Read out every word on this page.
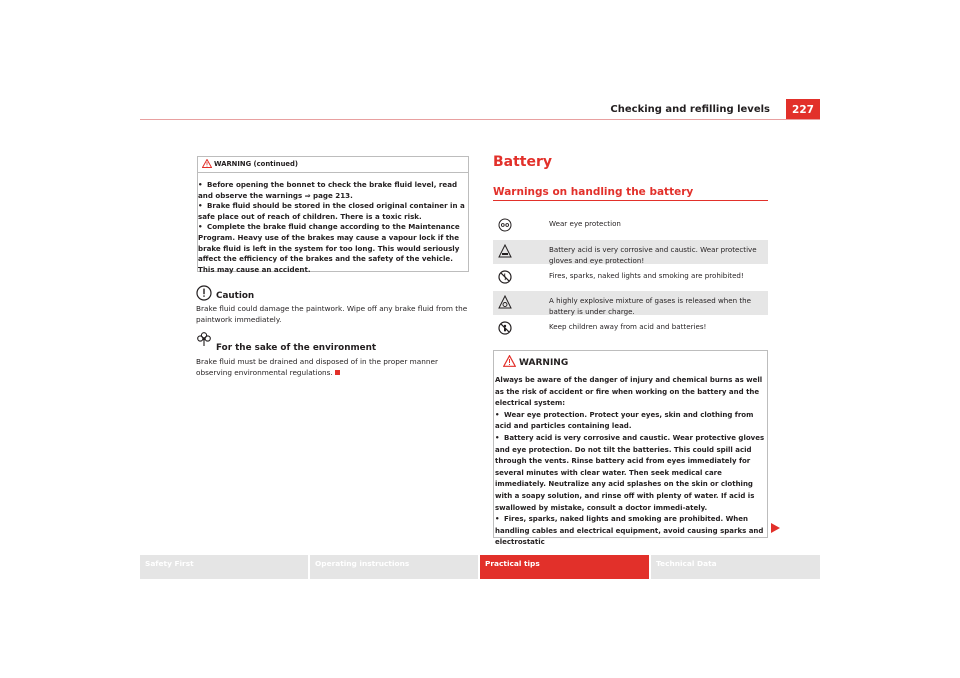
Checking and refilling levels	227
WARNING (continued)

• Before opening the bonnet to check the brake fluid level, read and observe the warnings ⇒ page 213.

• Brake fluid should be stored in the closed original container in a safe place out of reach of children. There is a toxic risk.

• Complete the brake fluid change according to the Maintenance Program. Heavy use of the brakes may cause a vapour lock if the brake fluid is left in the system for too long. This would seriously affect the efficiency of the brakes and the safety of the vehicle. This may cause an accident.

Caution
Brake fluid could damage the paintwork. Wipe off any brake fluid from the paintwork immediately.
For the sake of the environment
Brake fluid must be drained and disposed of in the proper manner observing environmental regulations.
Battery
Warnings on handling the battery
Wear eye protection
Battery acid is very corrosive and caustic. Wear protective gloves and eye protection!
Fires, sparks, naked lights and smoking are prohibited!
A highly explosive mixture of gases is released when the battery is under charge.
Keep children away from acid and batteries!
WARNING

Always be aware of the danger of injury and chemical burns as well as the risk of accident or fire when working on the battery and the electrical system:

• Wear eye protection. Protect your eyes, skin and clothing from acid and particles containing lead.

• Battery acid is very corrosive and caustic. Wear protective gloves and eye protection. Do not tilt the batteries. This could spill acid through the vents. Rinse battery acid from eyes immediately for several minutes with clear water. Then seek medical care immediately. Neutralize any acid splashes on the skin or clothing with a soapy solution, and rinse off with plenty of water. If acid is swallowed by mistake, consult a doctor immedi-ately.

• Fires, sparks, naked lights and smoking are prohibited. When handling cables and electrical equipment, avoid causing sparks and electrostatic

Safety First	Operating instructions	Practical tips	Technical Data
